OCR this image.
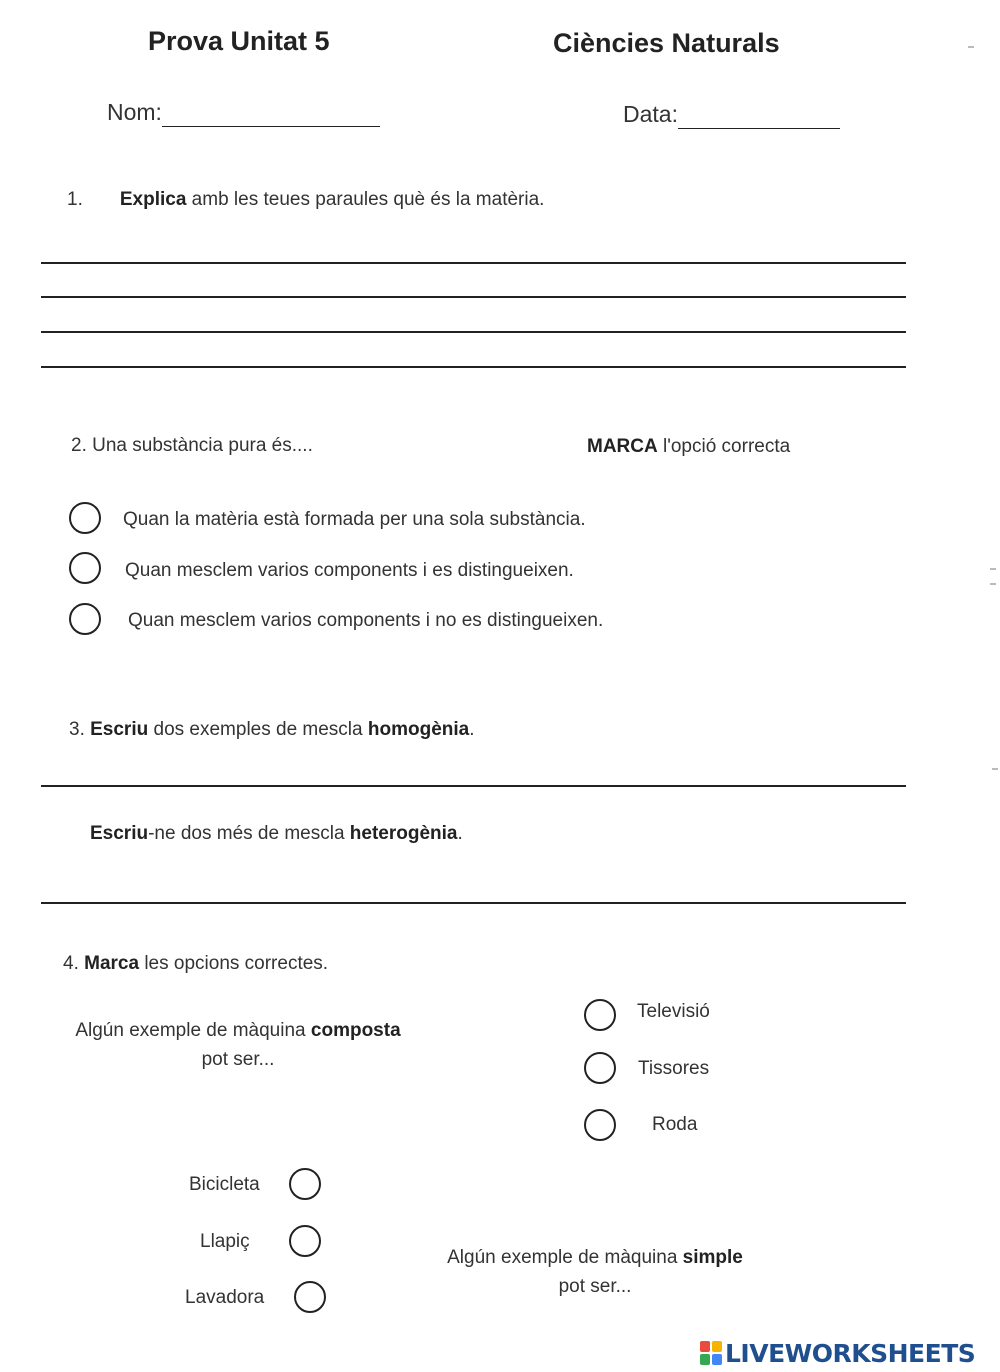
Prova Unitat 5	Ciències Naturals
Nom:	Data:
1. Explica amb les teues paraules què és la matèria.
2. Una substància pura és....	MARCA l'opció correcta
Quan la matèria està formada per una sola substància.
Quan mesclem varios components i es distingueixen.
Quan mesclem varios components i no es distingueixen.
3. Escriu dos exemples de mescla homogènia.
Escriu-ne dos més de mescla heterogènia.
4. Marca les opcions correctes.
Algún exemple de màquina composta
pot ser...
Televisió
Tissores
Roda
Bicicleta
Llapiç
Lavadora
Algún exemple de màquina simple
pot ser...
LIVEWORKSHEETS
